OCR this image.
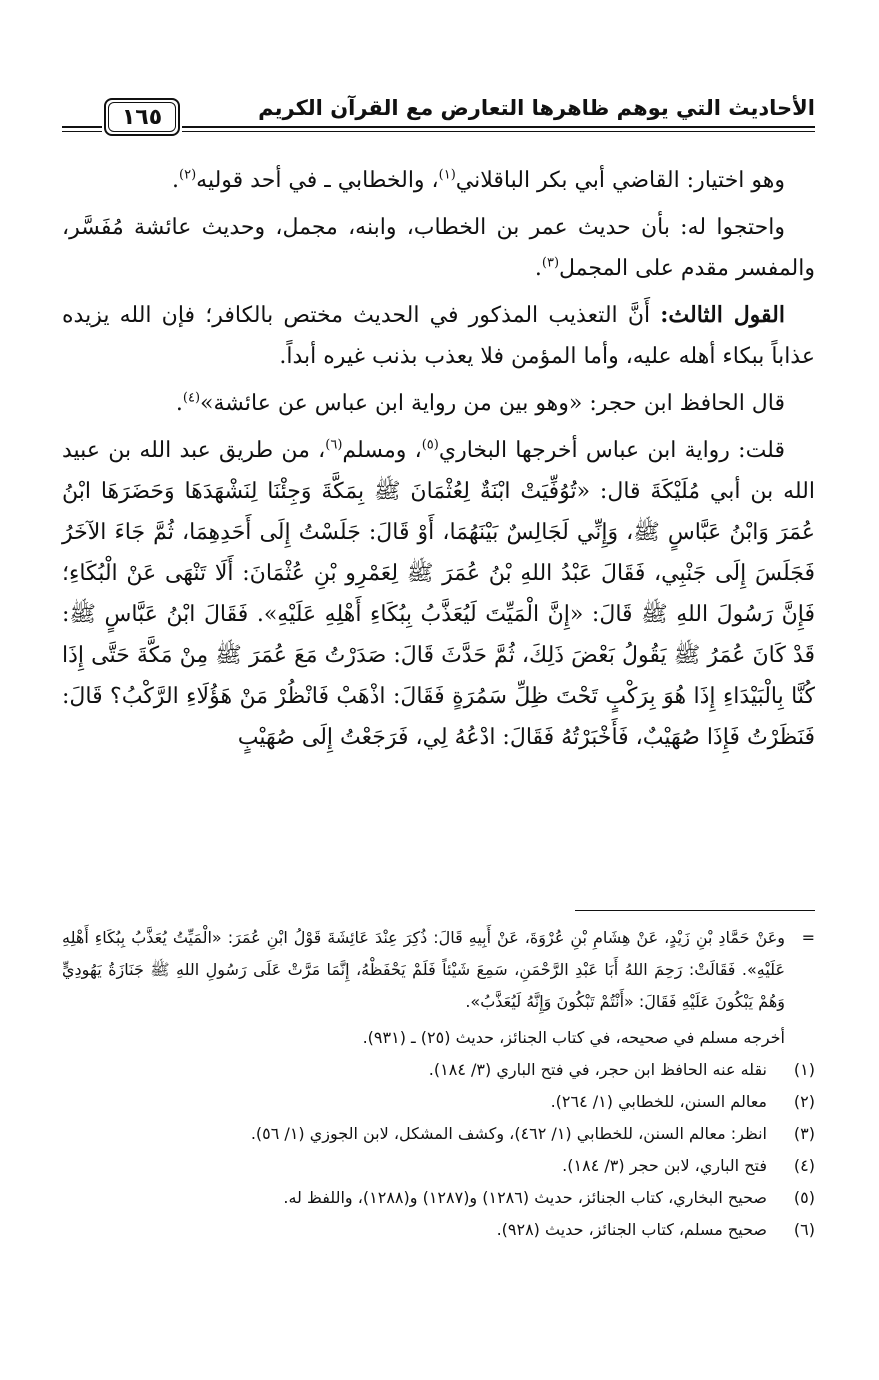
الأحاديث التي يوهم ظاهرها التعارض مع القرآن الكريم
١٦٥

وهو اختيار: القاضي أبي بكر الباقلاني$^{(١)}$، والخطابي ـ في أحد قوليه$^{(٢)}$.

واحتجوا له: بأن حديث عمر بن الخطاب، وابنه، مجمل، وحديث عائشة مُفَسَّر، والمفسر مقدم على المجمل$^{(٣)}$.

القول الثالث: أَنَّ التعذيب المذكور في الحديث مختص بالكافر؛ فإن الله يزيده عذاباً ببكاء أهله عليه، وأما المؤمن فلا يعذب بذنب غيره أبداً.

قال الحافظ ابن حجر: «وهو بين من رواية ابن عباس عن عائشة»$^{(٤)}$.

قلت: رواية ابن عباس أخرجها البخاري$^{(٥)}$، ومسلم$^{(٦)}$، من طريق عبد الله بن عبيد الله بن أبي مُلَيْكَةَ قال: «تُوُفِّيَتْ ابْنَةٌ لِعُثْمَانَ ﷺ بِمَكَّةَ وَجِئْنَا لِنَشْهَدَهَا وَحَضَرَهَا ابْنُ عُمَرَ وَابْنُ عَبَّاسٍ ﷺ، وَإِنِّي لَجَالِسٌ بَيْنَهُمَا، أَوْ قَالَ: جَلَسْتُ إِلَى أَحَدِهِمَا، ثُمَّ جَاءَ الآخَرُ فَجَلَسَ إِلَى جَنْبِي، فَقَالَ عَبْدُ اللهِ بْنُ عُمَرَ ﷺ لِعَمْرِو بْنِ عُثْمَانَ: أَلَا تَنْهَى عَنْ الْبُكَاءِ؛ فَإِنَّ رَسُولَ اللهِ ﷺ قَالَ: «إِنَّ الْمَيِّتَ لَيُعَذَّبُ بِبُكَاءِ أَهْلِهِ عَلَيْهِ». فَقَالَ ابْنُ عَبَّاسٍ ﷺ: قَدْ كَانَ عُمَرُ ﷺ يَقُولُ بَعْضَ ذَلِكَ، ثُمَّ حَدَّثَ قَالَ: صَدَرْتُ مَعَ عُمَرَ ﷺ مِنْ مَكَّةَ حَتَّى إِذَا كُنَّا بِالْبَيْدَاءِ إِذَا هُوَ بِرَكْبٍ تَحْتَ ظِلِّ سَمُرَةٍ فَقَالَ: اذْهَبْ فَانْظُرْ مَنْ هَؤُلَاءِ الرَّكْبُ؟ قَالَ: فَنَظَرْتُ فَإِذَا صُهَيْبٌ، فَأَخْبَرْتُهُ فَقَالَ: ادْعُهُ لِي، فَرَجَعْتُ إِلَى صُهَيْبٍ

=
وعَنْ حَمَّادِ بْنِ زَيْدٍ، عَنْ هِشَامِ بْنِ عُرْوَةَ، عَنْ أَبِيهِ قَالَ: ذُكِرَ عِنْدَ عَائِشَةَ قَوْلُ ابْنِ عُمَرَ: «الْمَيِّتُ يُعَذَّبُ بِبُكَاءِ أَهْلِهِ عَلَيْهِ». فَقَالَتْ: رَحِمَ اللهُ أَبَا عَبْدِ الرَّحْمَنِ، سَمِعَ شَيْئاً فَلَمْ يَحْفَظْهُ، إِنَّمَا مَرَّتْ عَلَى رَسُولِ اللهِ ﷺ جَنَازَةُ يَهُودِيٍّ وَهُمْ يَبْكُونَ عَلَيْهِ فَقَالَ: «أَنْتُمْ تَبْكُونَ وَإِنَّهُ لَيُعَذَّبُ».
أخرجه مسلم في صحيحه، في كتاب الجنائز، حديث (٢٥) ـ (٩٣١).
(١)
نقله عنه الحافظ ابن حجر، في فتح الباري (٣/ ١٨٤).
(٢)
معالم السنن، للخطابي (١/ ٢٦٤).
(٣)
انظر: معالم السنن، للخطابي (١/ ٤٦٢)، وكشف المشكل، لابن الجوزي (١/ ٥٦).
(٤)
فتح الباري، لابن حجر (٣/ ١٨٤).
(٥)
صحيح البخاري، كتاب الجنائز، حديث (١٢٨٦) و(١٢٨٧) و(١٢٨٨)، واللفظ له.
(٦)
صحيح مسلم، كتاب الجنائز، حديث (٩٢٨).
